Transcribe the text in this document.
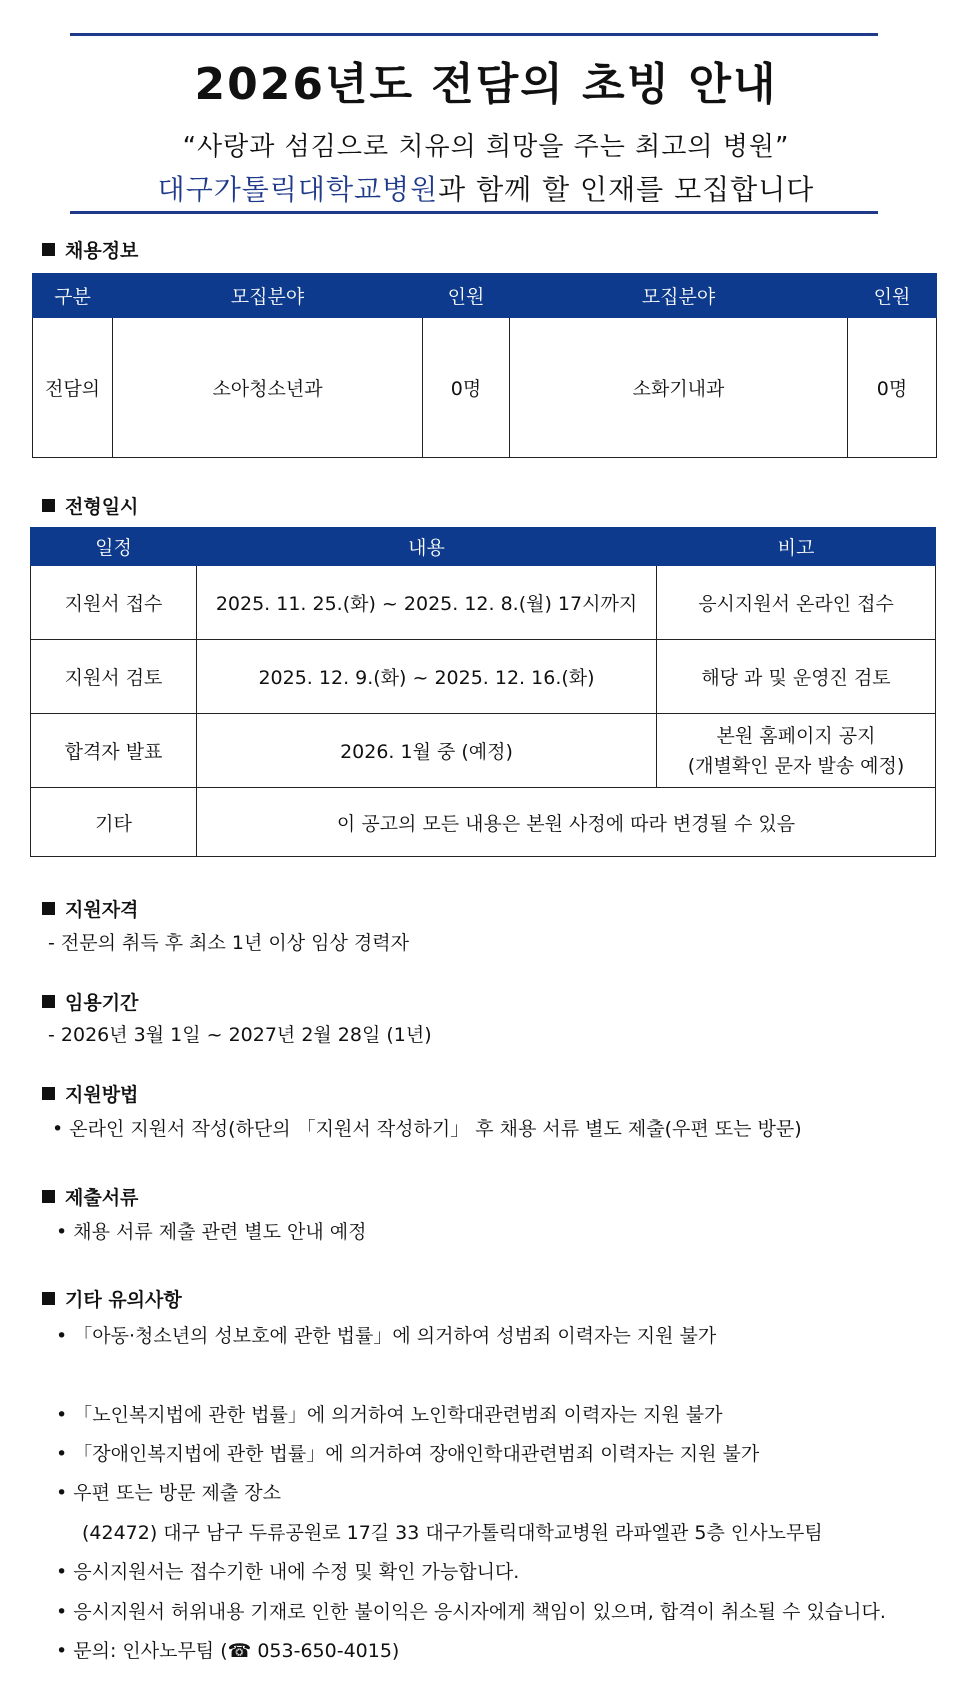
2026년도 전담의 초빙 안내
“사랑과 섬김으로 치유의 희망을 주는 최고의 병원”
대구가톨릭대학교병원과 함께 할 인재를 모집합니다
채용정보
구분	모집분야	인원	모집분야	인원
전담의	소아청소년과	0명	소화기내과	0명
전형일시
일정	내용	비고
지원서 접수	2025. 11. 25.(화) ~ 2025. 12. 8.(월) 17시까지	응시지원서 온라인 접수
지원서 검토	2025. 12. 9.(화) ~ 2025. 12. 16.(화)	해당 과 및 운영진 검토
합격자 발표	2026. 1월 중 (예정)	본원 홈페이지 공지
(개별확인 문자 발송 예정)

기타	이 공고의 모든 내용은 본원 사정에 따라 변경될 수 있음	
지원자격
- 전문의 취득 후 최소 1년 이상 임상 경력자
임용기간
- 2026년 3월 1일 ~ 2027년 2월 28일 (1년)
지원방법
• 온라인 지원서 작성(하단의 「지원서 작성하기」 후 채용 서류 별도 제출(우편 또는 방문)
제출서류
• 채용 서류 제출 관련 별도 안내 예정
기타 유의사항
• 「아동·청소년의 성보호에 관한 법률」에 의거하여 성범죄 이력자는 지원 불가
• 「노인복지법에 관한 법률」에 의거하여 노인학대관련범죄 이력자는 지원 불가
• 「장애인복지법에 관한 법률」에 의거하여 장애인학대관련범죄 이력자는 지원 불가
• 우편 또는 방문 제출 장소
(42472) 대구 남구 두류공원로 17길 33 대구가톨릭대학교병원 라파엘관 5층 인사노무팀
• 응시지원서는 접수기한 내에 수정 및 확인 가능합니다.
• 응시지원서 허위내용 기재로 인한 불이익은 응시자에게 책임이 있으며, 합격이 취소될 수 있습니다.
• 문의: 인사노무팀 (☎ 053-650-4015)
